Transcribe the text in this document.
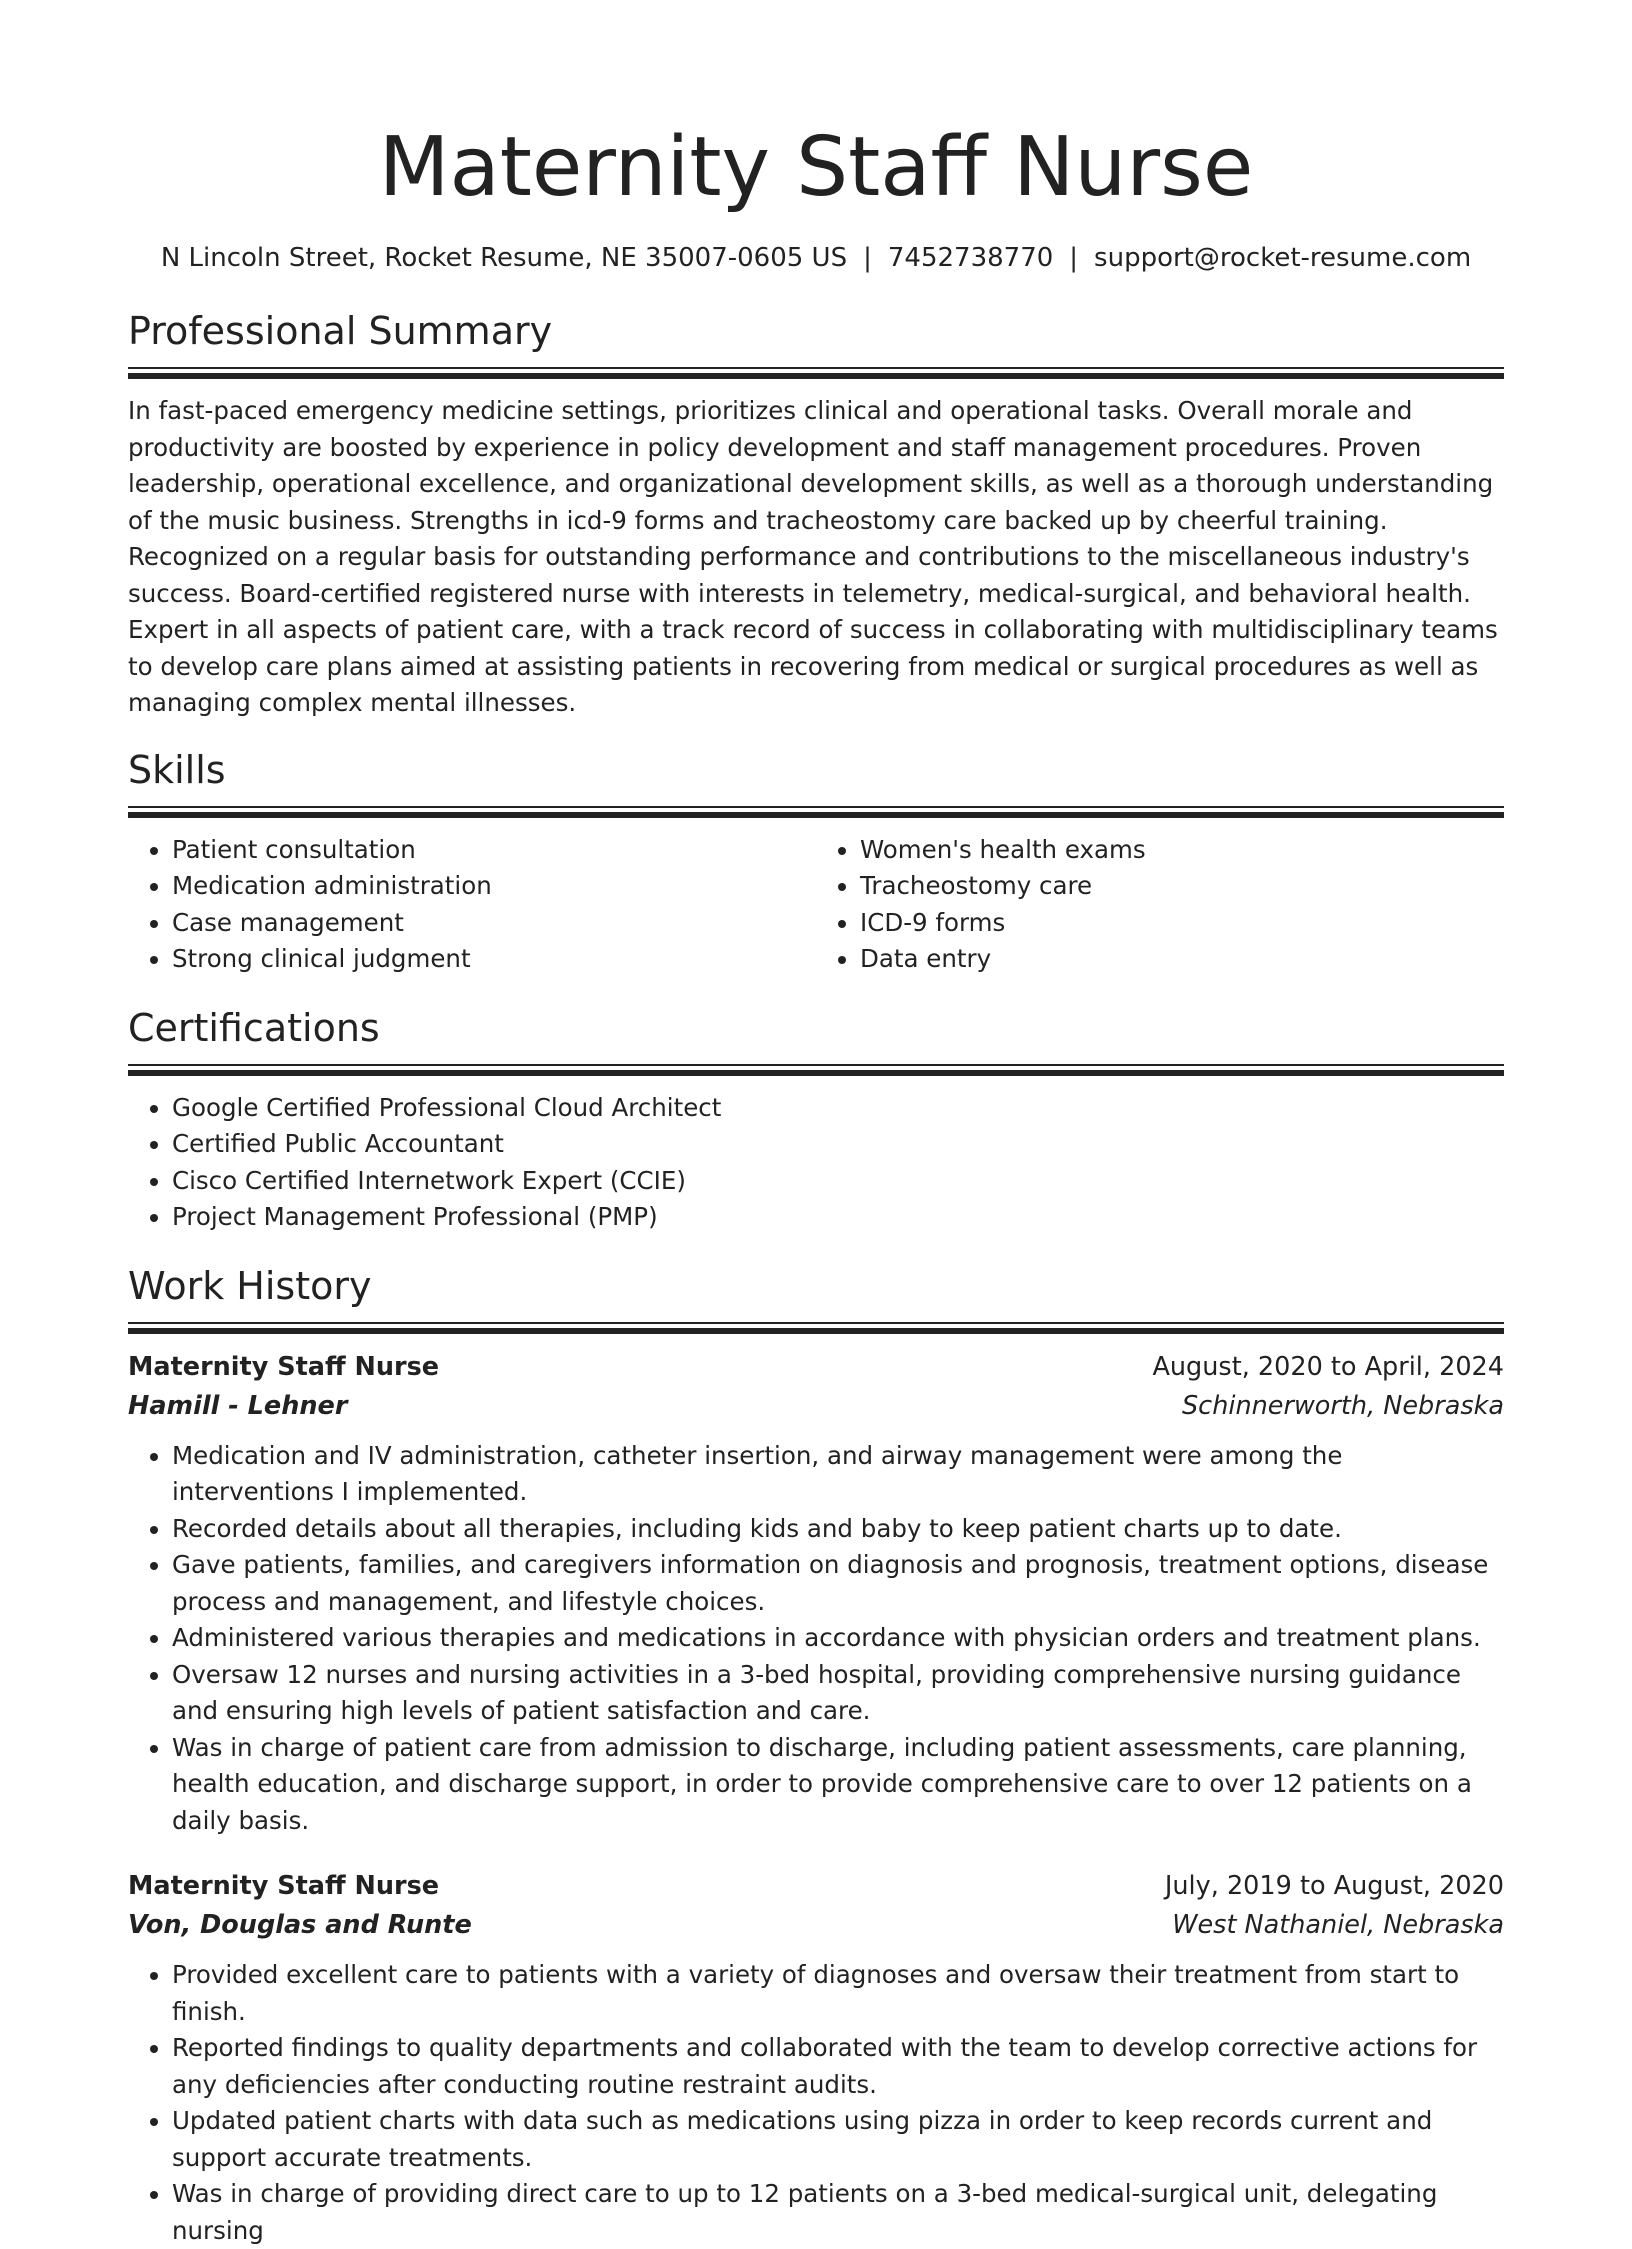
Maternity Staff Nurse
N Lincoln Street, Rocket Resume, NE 35007-0605 US | 7452738770 | support@rocket-resume.com
Professional Summary

In fast-paced emergency medicine settings, prioritizes clinical and operational tasks. Overall morale and productivity are boosted by experience in policy development and staff management procedures. Proven leadership, operational excellence, and organizational development skills, as well as a thorough understanding of the music business. Strengths in icd-9 forms and tracheostomy care backed up by cheerful training. Recognized on a regular basis for outstanding performance and contributions to the miscellaneous industry's success. Board-certified registered nurse with interests in telemetry, medical-surgical, and behavioral health. Expert in all aspects of patient care, with a track record of success in collaborating with multidisciplinary teams to develop care plans aimed at assisting patients in recovering from medical or surgical procedures as well as managing complex mental illnesses.

Skills
• Patient consultation
• Medication administration
• Case management
• Strong clinical judgment
• Women's health exams
• Tracheostomy care
• ICD-9 forms
• Data entry
Certifications
• Google Certified Professional Cloud Architect
• Certified Public Accountant
• Cisco Certified Internetwork Expert (CCIE)
• Project Management Professional (PMP)
Work History
Maternity Staff Nurse	August, 2020 to April, 2024
Hamill - Lehner	Schinnerworth, Nebraska
• Medication and IV administration, catheter insertion, and airway management were among the interventions I implemented.
• Recorded details about all therapies, including kids and baby to keep patient charts up to date.
• Gave patients, families, and caregivers information on diagnosis and prognosis, treatment options, disease process and management, and lifestyle choices.
• Administered various therapies and medications in accordance with physician orders and treatment plans.
• Oversaw 12 nurses and nursing activities in a 3-bed hospital, providing comprehensive nursing guidance and ensuring high levels of patient satisfaction and care.
• Was in charge of patient care from admission to discharge, including patient assessments, care planning, health education, and discharge support, in order to provide comprehensive care to over 12 patients on a daily basis.
Maternity Staff Nurse	July, 2019 to August, 2020
Von, Douglas and Runte	West Nathaniel, Nebraska
• Provided excellent care to patients with a variety of diagnoses and oversaw their treatment from start to finish.
• Reported findings to quality departments and collaborated with the team to develop corrective actions for any deficiencies after conducting routine restraint audits.
• Updated patient charts with data such as medications using pizza in order to keep records current and support accurate treatments.
• Was in charge of providing direct care to up to 12 patients on a 3-bed medical-surgical unit, delegating nursing
